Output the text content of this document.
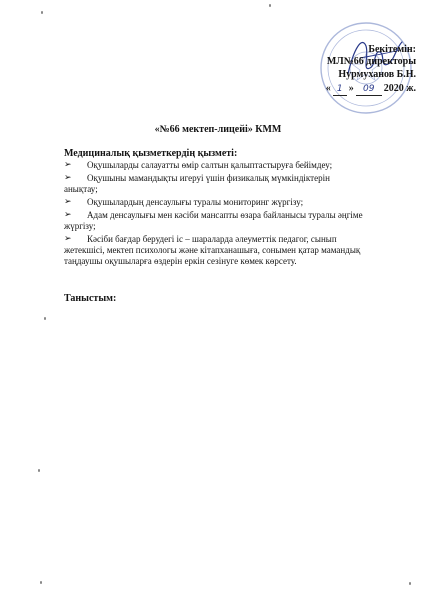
Бекітемін:
МЛ№66 директоры
Нурмуханов Б.Н.
« 1 »	09 2020 ж.
«№66 мектеп-лицейі» КММ
Медициналық қызметкердің қызметі:
➢ Оқушыларды салауатты өмір салтын қалыптастыруға бейімдеу;
➢ Оқушыны мамандықты игеруі үшін физикалық мүмкіндіктерін
анықтау;
➢ Оқушылардың денсаулығы туралы мониторинг жүргізу;
➢ Адам денсаулығы мен кәсіби мансапты өзара байланысы туралы әңгіме
жүргізу;
➢ Кәсіби бағдар берудегі іс – шараларда әлеуметтік педагог, сынып
жетекшісі, мектеп психологы және кітапханашыға, сонымен қатар мамандық таңдаушы оқушыларға өздерін еркін сезінуге көмек көрсету.
Таныстым:
